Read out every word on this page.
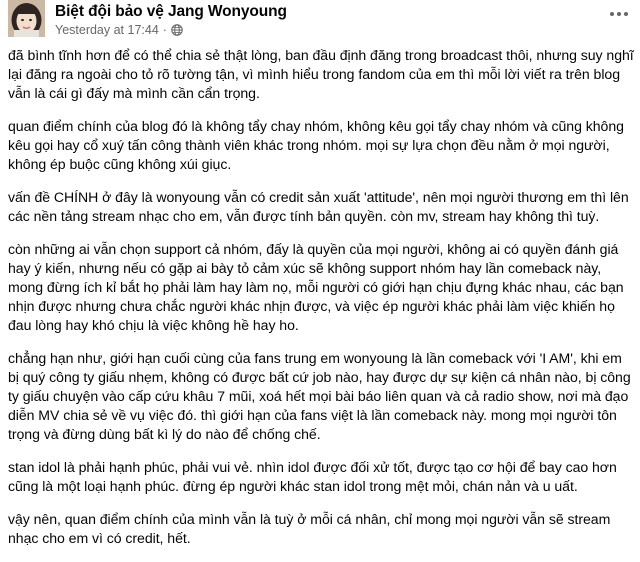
Biệt đội bảo vệ Jang Wonyoung
Yesterday at 17:44 ·

đã bình tĩnh hơn để có thể chia sẻ thật lòng, ban đầu định đăng trong broadcast thôi, nhưng suy nghĩ lại đăng ra ngoài cho tỏ rõ tường tận, vì mình hiểu trong fandom của em thì mỗi lời viết ra trên blog vẫn là cái gì đấy mà mình cần cẩn trọng.

quan điểm chính của blog đó là không tẩy chay nhóm, không kêu gọi tẩy chay nhóm và cũng không kêu gọi hay cổ xuý tấn công thành viên khác trong nhóm. mọi sự lựa chọn đều nằm ở mọi người, không ép buộc cũng không xúi giục.

vấn đề CHÍNH ở đây là wonyoung vẫn có credit sản xuất 'attitude', nên mọi người thương em thì lên các nền tảng stream nhạc cho em, vẫn được tính bản quyền. còn mv, stream hay không thì tuỳ.

còn những ai vẫn chọn support cả nhóm, đấy là quyền của mọi người, không ai có quyền đánh giá hay ý kiến, nhưng nếu có gặp ai bày tỏ cảm xúc sẽ không support nhóm hay lần comeback này, mong đừng ích kỉ bắt họ phải làm hay làm nọ, mỗi người có giới hạn chịu đựng khác nhau, các bạn nhịn được nhưng chưa chắc người khác nhịn được, và việc ép người khác phải làm việc khiến họ đau lòng hay khó chịu là việc không hề hay ho.

chẳng hạn như, giới hạn cuối cùng của fans trung em wonyoung là lần comeback với 'I AM', khi em bị quý công ty giấu nhẹm, không có được bất cứ job nào, hay được dự sự kiện cá nhân nào, bị công ty giấu chuyện vào cấp cứu khâu 7 mũi, xoá hết mọi bài báo liên quan và cả radio show, nơi mà đạo diễn MV chia sẻ về vụ việc đó. thì giới hạn của fans việt là lần comeback này. mong mọi người tôn trọng và đừng dùng bất kì lý do nào để chống chế.

stan idol là phải hạnh phúc, phải vui vẻ. nhìn idol được đối xử tốt, được tạo cơ hội để bay cao hơn cũng là một loại hạnh phúc. đừng ép người khác stan idol trong mệt mỏi, chán nản và u uất.

vậy nên, quan điểm chính của mình vẫn là tuỳ ở mỗi cá nhân, chỉ mong mọi người vẫn sẽ stream nhạc cho em vì có credit, hết.
